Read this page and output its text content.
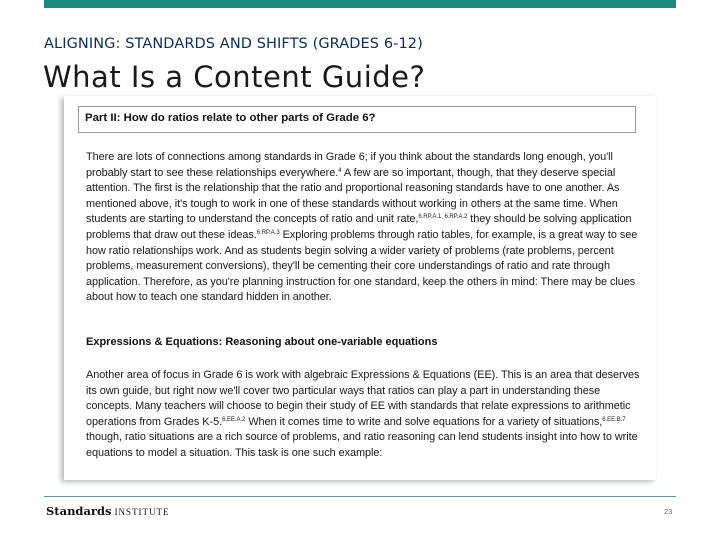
ALIGNING: STANDARDS AND SHIFTS (GRADES 6-12)
What Is a Content Guide?
Part II: How do ratios relate to other parts of Grade 6?

There are lots of connections among standards in Grade 6; if you think about the standards long enough, you'll probably start to see these relationships everywhere.$^4$ A few are so important, though, that they deserve special attention. The first is the relationship that the ratio and proportional reasoning standards have to one another. As mentioned above, it's tough to work in one of these standards without working in others at the same time. When students are starting to understand the concepts of ratio and unit rate,$^{6.RP.A.1, 6.RP.A.2}$ they should be solving application problems that draw out these ideas.$^{6.RP.A.3}$ Exploring problems through ratio tables, for example, is a great way to see how ratio relationships work. And as students begin solving a wider variety of problems (rate problems, percent problems, measurement conversions), they'll be cementing their core understandings of ratio and rate through application. Therefore, as you're planning instruction for one standard, keep the others in mind: There may be clues about how to teach one standard hidden in another.

Expressions & Equations: Reasoning about one-variable equations

Another area of focus in Grade 6 is work with algebraic Expressions & Equations (EE). This is an area that deserves its own guide, but right now we'll cover two particular ways that ratios can play a part in understanding these concepts. Many teachers will choose to begin their study of EE with standards that relate expressions to arithmetic operations from Grades K-5.$^{6.EE.A.2}$ When it comes time to write and solve equations for a variety of situations,$^{6.EE.B.7}$ though, ratio situations are a rich source of problems, and ratio reasoning can lend students insight into how to write equations to model a situation. This task is one such example:

Standards INSTITUTE	23
